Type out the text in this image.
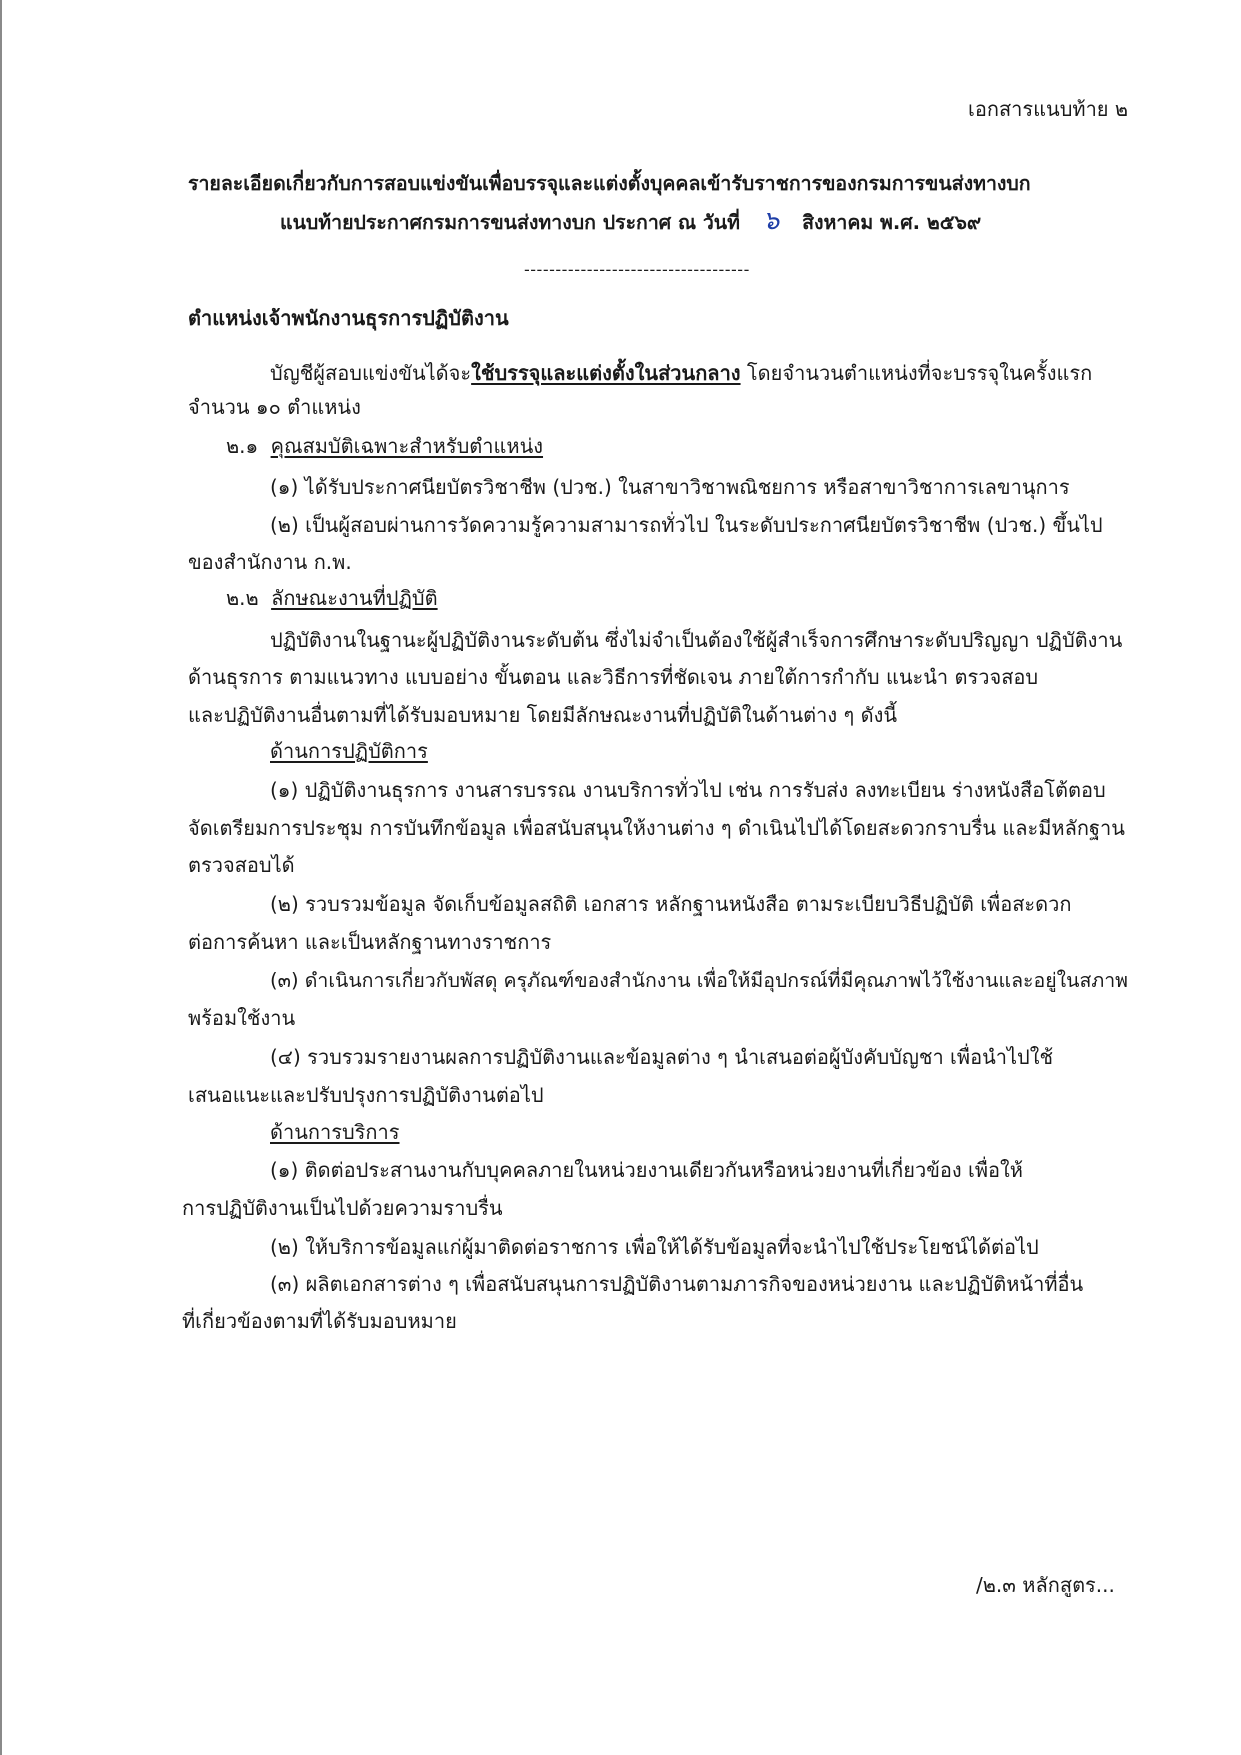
เอกสารแนบท้าย ๒
รายละเอียดเกี่ยวกับการสอบแข่งขันเพื่อบรรจุและแต่งตั้งบุคคลเข้ารับราชการของกรมการขนส่งทางบก
แนบท้ายประกาศกรมการขนส่งทางบก ประกาศ ณ วันที่ ๖ สิงหาคม พ.ศ. ๒๕๖๙
------------------------------------
ตำแหน่งเจ้าพนักงานธุรการปฏิบัติงาน
บัญชีผู้สอบแข่งขันได้จะใช้บรรจุและแต่งตั้งในส่วนกลาง โดยจำนวนตำแหน่งที่จะบรรจุในครั้งแรก
จำนวน ๑๐ ตำแหน่ง
๒.๑ คุณสมบัติเฉพาะสำหรับตำแหน่ง
(๑) ได้รับประกาศนียบัตรวิชาชีพ (ปวช.) ในสาขาวิชาพณิชยการ หรือสาขาวิชาการเลขานุการ
(๒) เป็นผู้สอบผ่านการวัดความรู้ความสามารถทั่วไป ในระดับประกาศนียบัตรวิชาชีพ (ปวช.) ขึ้นไป
ของสำนักงาน ก.พ.
๒.๒ ลักษณะงานที่ปฏิบัติ
ปฏิบัติงานในฐานะผู้ปฏิบัติงานระดับต้น ซึ่งไม่จำเป็นต้องใช้ผู้สำเร็จการศึกษาระดับปริญญา ปฏิบัติงาน
ด้านธุรการ ตามแนวทาง แบบอย่าง ขั้นตอน และวิธีการที่ชัดเจน ภายใต้การกำกับ แนะนำ ตรวจสอบ
และปฏิบัติงานอื่นตามที่ได้รับมอบหมาย โดยมีลักษณะงานที่ปฏิบัติในด้านต่าง ๆ ดังนี้
ด้านการปฏิบัติการ
(๑) ปฏิบัติงานธุรการ งานสารบรรณ งานบริการทั่วไป เช่น การรับส่ง ลงทะเบียน ร่างหนังสือโต้ตอบ
จัดเตรียมการประชุม การบันทึกข้อมูล เพื่อสนับสนุนให้งานต่าง ๆ ดำเนินไปได้โดยสะดวกราบรื่น และมีหลักฐาน
ตรวจสอบได้
(๒) รวบรวมข้อมูล จัดเก็บข้อมูลสถิติ เอกสาร หลักฐานหนังสือ ตามระเบียบวิธีปฏิบัติ เพื่อสะดวก
ต่อการค้นหา และเป็นหลักฐานทางราชการ
(๓) ดำเนินการเกี่ยวกับพัสดุ ครุภัณฑ์ของสำนักงาน เพื่อให้มีอุปกรณ์ที่มีคุณภาพไว้ใช้งานและอยู่ในสภาพ
พร้อมใช้งาน
(๔) รวบรวมรายงานผลการปฏิบัติงานและข้อมูลต่าง ๆ นำเสนอต่อผู้บังคับบัญชา เพื่อนำไปใช้
เสนอแนะและปรับปรุงการปฏิบัติงานต่อไป
ด้านการบริการ
(๑) ติดต่อประสานงานกับบุคคลภายในหน่วยงานเดียวกันหรือหน่วยงานที่เกี่ยวข้อง เพื่อให้
การปฏิบัติงานเป็นไปด้วยความราบรื่น
(๒) ให้บริการข้อมูลแก่ผู้มาติดต่อราชการ เพื่อให้ได้รับข้อมูลที่จะนำไปใช้ประโยชน์ได้ต่อไป
(๓) ผลิตเอกสารต่าง ๆ เพื่อสนับสนุนการปฏิบัติงานตามภารกิจของหน่วยงาน และปฏิบัติหน้าที่อื่น
ที่เกี่ยวข้องตามที่ได้รับมอบหมาย
/๒.๓ หลักสูตร...
